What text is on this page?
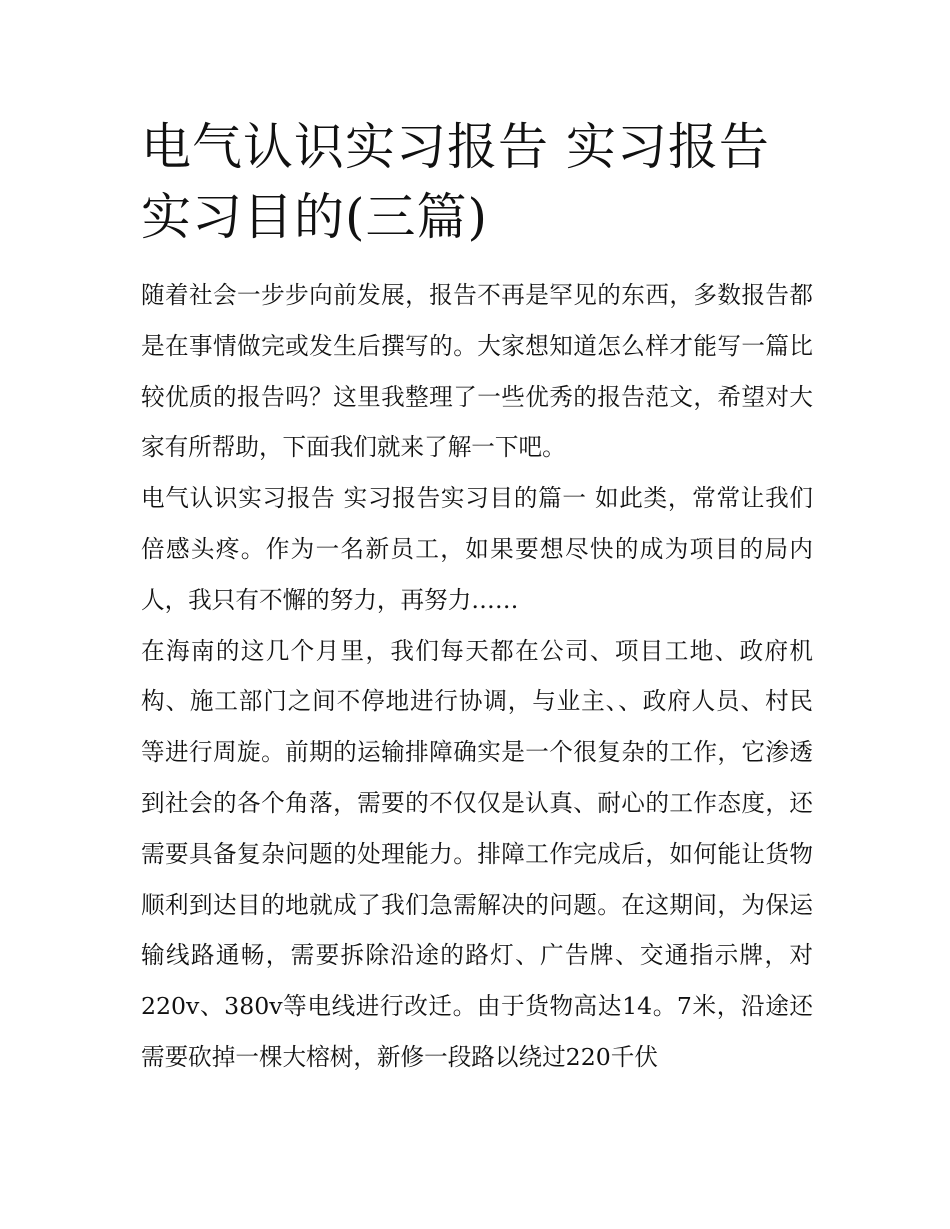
电气认识实习报告 实习报告实习目的(三篇)

随着社会一步步向前发展，报告不再是罕见的东西，多数报告都是在事情做完或发生后撰写的。大家想知道怎么样才能写一篇比较优质的报告吗？这里我整理了一些优秀的报告范文，希望对大家有所帮助，下面我们就来了解一下吧。

电气认识实习报告 实习报告实习目的篇一 如此类，常常让我们倍感头疼。作为一名新员工，如果要想尽快的成为项目的局内人，我只有不懈的努力，再努力……

在海南的这几个月里，我们每天都在公司、项目工地、政府机构、施工部门之间不停地进行协调，与业主、、政府人员、村民等进行周旋。前期的运输排障确实是一个很复杂的工作，它渗透到社会的各个角落，需要的不仅仅是认真、耐心的工作态度，还需要具备复杂问题的处理能力。排障工作完成后，如何能让货物顺利到达目的地就成了我们急需解决的问题。在这期间，为保运输线路通畅，需要拆除沿途的路灯、广告牌、交通指示牌，对220v、380v等电线进行改迁。由于货物高达14。7米，沿途还需要砍掉一棵大榕树，新修一段路以绕过220千伏
